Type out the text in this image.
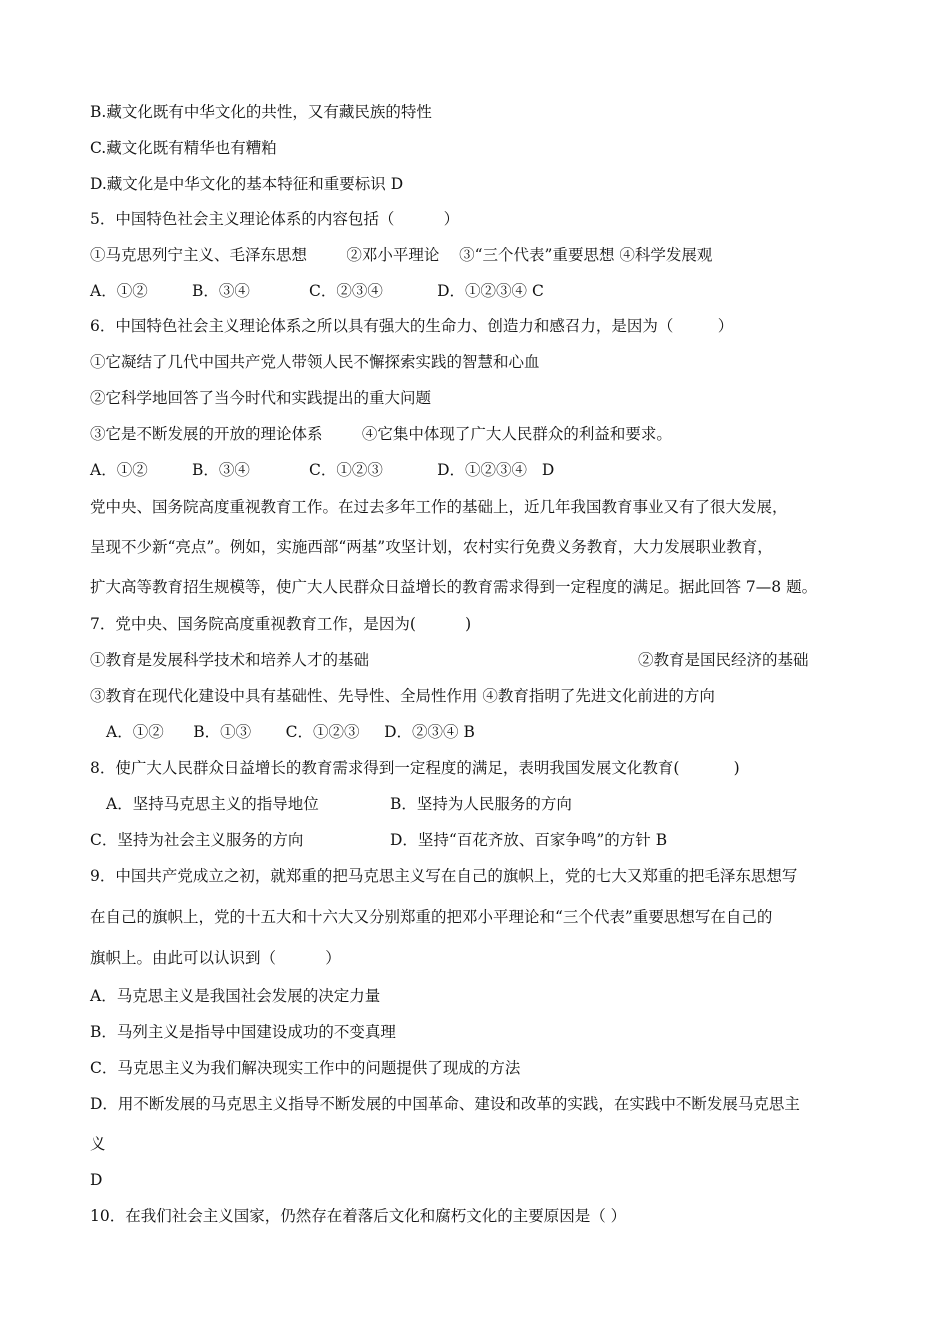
B.藏文化既有中华文化的共性，又有藏民族的特性
C.藏文化既有精华也有糟粕
D.藏文化是中华文化的基本特征和重要标识 D
5．中国特色社会主义理论体系的内容包括（          ）
①马克思列宁主义、毛泽东思想        ②邓小平理论    ③“三个代表”重要思想 ④科学发展观
A．①②         B．③④            C．②③④           D．①②③④ C
6．中国特色社会主义理论体系之所以具有强大的生命力、创造力和感召力，是因为（         ）
①它凝结了几代中国共产党人带领人民不懈探索实践的智慧和心血
②它科学地回答了当今时代和实践提出的重大问题
③它是不断发展的开放的理论体系        ④它集中体现了广大人民群众的利益和要求。
A．①②         B．③④            C．①②③           D．①②③④   D
党中央、国务院高度重视教育工作。在过去多年工作的基础上，近几年我国教育事业又有了很大发展，
呈现不少新“亮点”。例如，实施西部“两基”攻坚计划，农村实行免费义务教育，大力发展职业教育，
扩大高等教育招生规模等，使广大人民群众日益增长的教育需求得到一定程度的满足。据此回答 7—8 题。
7．党中央、国务院高度重视教育工作，是因为(          )
①教育是发展科学技术和培养人才的基础	②教育是国民经济的基础
③教育在现代化建设中具有基础性、先导性、全局性作用 ④教育指明了先进文化前进的方向
A．①②      B．①③       C．①②③     D．②③④ B
8．使广大人民群众日益增长的教育需求得到一定程度的满足，表明我国发展文化教育(           )
A．坚持马克思主义的指导地位	B．坚持为人民服务的方向
C．坚持为社会主义服务的方向	D．坚持“百花齐放、百家争鸣”的方针 B
9．中国共产党成立之初，就郑重的把马克思主义写在自己的旗帜上，党的七大又郑重的把毛泽东思想写
在自己的旗帜上，党的十五大和十六大又分别郑重的把邓小平理论和“三个代表”重要思想写在自己的
旗帜上。由此可以认识到（          ）
A．马克思主义是我国社会发展的决定力量
B．马列主义是指导中国建设成功的不变真理
C．马克思主义为我们解决现实工作中的问题提供了现成的方法
D．用不断发展的马克思主义指导不断发展的中国革命、建设和改革的实践，在实践中不断发展马克思主
义
D
10．在我们社会主义国家，仍然存在着落后文化和腐朽文化的主要原因是（ ）
